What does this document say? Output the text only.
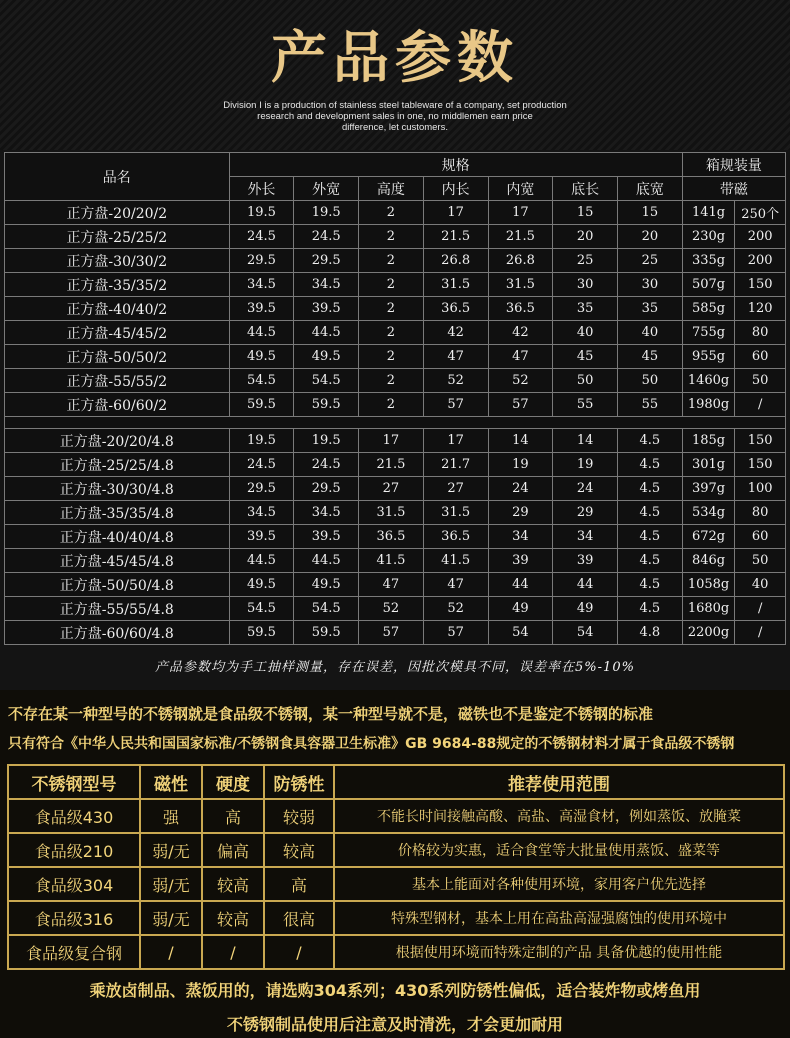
产品参数
Division I is a production of stainless steel tableware of a company, set production
research and development sales in one, no middlemen earn price
difference, let customers.
品名	规格							箱规装量	
	外长	外宽	高度	内长	内宽	底长	底宽	带磁	
正方盘-20/20/2	19.5	19.5	2	17	17	15	15	141g	250个
正方盘-25/25/2	24.5	24.5	2	21.5	21.5	20	20	230g	200
正方盘-30/30/2	29.5	29.5	2	26.8	26.8	25	25	335g	200
正方盘-35/35/2	34.5	34.5	2	31.5	31.5	30	30	507g	150
正方盘-40/40/2	39.5	39.5	2	36.5	36.5	35	35	585g	120
正方盘-45/45/2	44.5	44.5	2	42	42	40	40	755g	80
正方盘-50/50/2	49.5	49.5	2	47	47	45	45	955g	60
正方盘-55/55/2	54.5	54.5	2	52	52	50	50	1460g	50
正方盘-60/60/2	59.5	59.5	2	57	57	55	55	1980g	/

正方盘-20/20/4.8	19.5	19.5	17	17	14	14	4.5	185g	150
正方盘-25/25/4.8	24.5	24.5	21.5	21.7	19	19	4.5	301g	150
正方盘-30/30/4.8	29.5	29.5	27	27	24	24	4.5	397g	100
正方盘-35/35/4.8	34.5	34.5	31.5	31.5	29	29	4.5	534g	80
正方盘-40/40/4.8	39.5	39.5	36.5	36.5	34	34	4.5	672g	60
正方盘-45/45/4.8	44.5	44.5	41.5	41.5	39	39	4.5	846g	50
正方盘-50/50/4.8	49.5	49.5	47	47	44	44	4.5	1058g	40
正方盘-55/55/4.8	54.5	54.5	52	52	49	49	4.5	1680g	/
正方盘-60/60/4.8	59.5	59.5	57	57	54	54	4.8	2200g	/
产品参数均为手工抽样测量，存在误差，因批次模具不同，误差率在5%-10%
不存在某一种型号的不锈钢就是食品级不锈钢，某一种型号就不是，磁铁也不是鉴定不锈钢的标准
只有符合《中华人民共和国国家标准/不锈钢食具容器卫生标准》GB 9684-88规定的不锈钢材料才属于食品级不锈钢
不锈钢型号	磁性	硬度	防锈性	推荐使用范围
食品级430	强	高	较弱	不能长时间接触高酸、高盐、高湿食材，例如蒸饭、放腌菜
食品级210	弱/无	偏高	较高	价格较为实惠，适合食堂等大批量使用蒸饭、盛菜等
食品级304	弱/无	较高	高	基本上能面对各种使用环境，家用客户优先选择
食品级316	弱/无	较高	很高	特殊型钢材，基本上用在高盐高湿强腐蚀的使用环境中
食品级复合钢	/	/	/	根据使用环境而特殊定制的产品 具备优越的使用性能
乘放卤制品、蒸饭用的，请选购304系列；430系列防锈性偏低，适合装炸物或烤鱼用
不锈钢制品使用后注意及时清洗，才会更加耐用
